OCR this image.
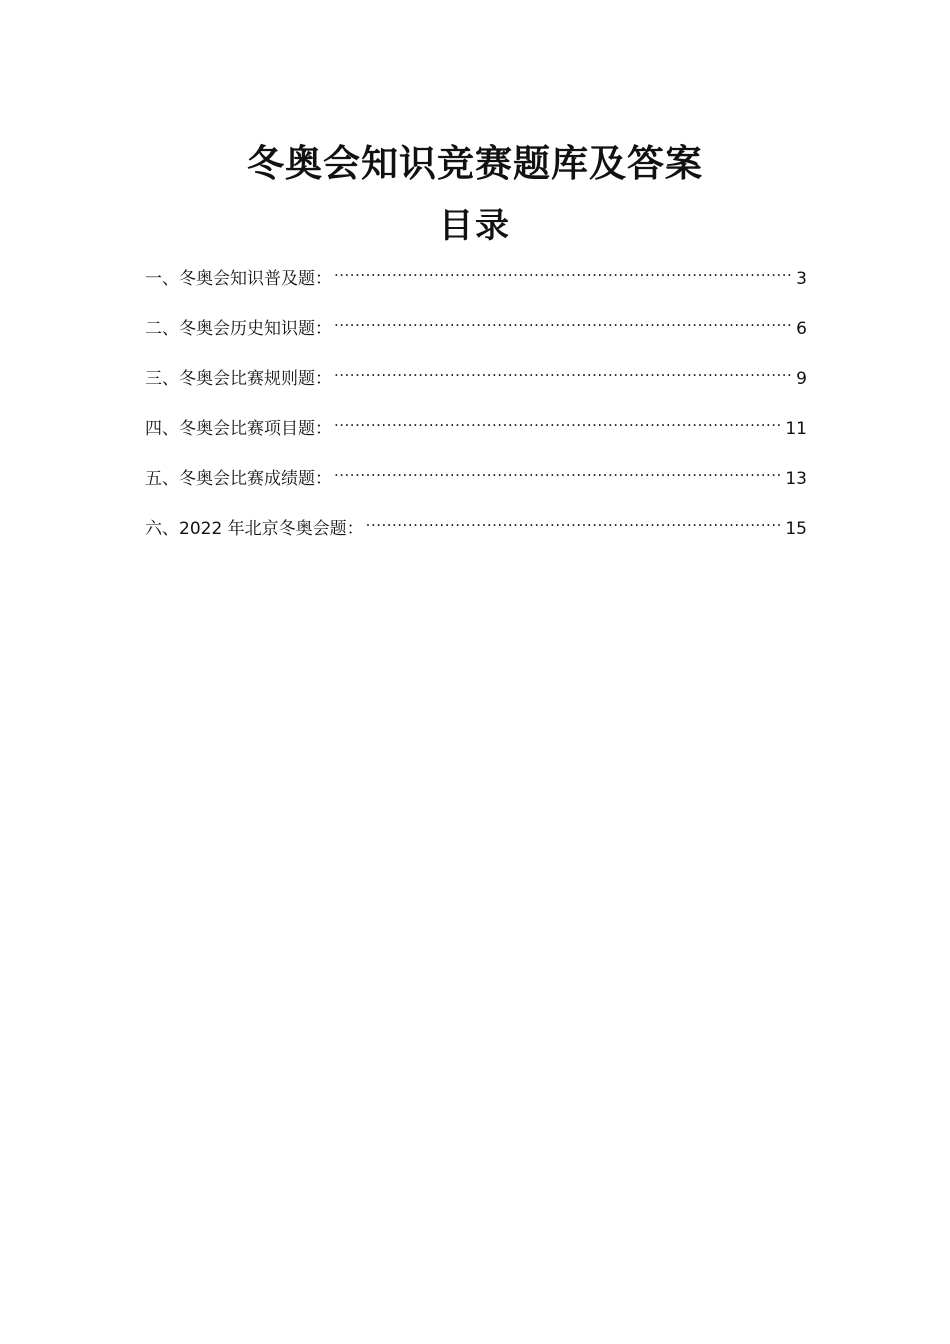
冬奥会知识竞赛题库及答案
目录
一、冬奥会知识普及题： .....	3
二、冬奥会历史知识题： .....	6
三、冬奥会比赛规则题： .....	9
四、冬奥会比赛项目题： .....	11
五、冬奥会比赛成绩题： .....	13
六、2022 年北京冬奥会题： .....	15
